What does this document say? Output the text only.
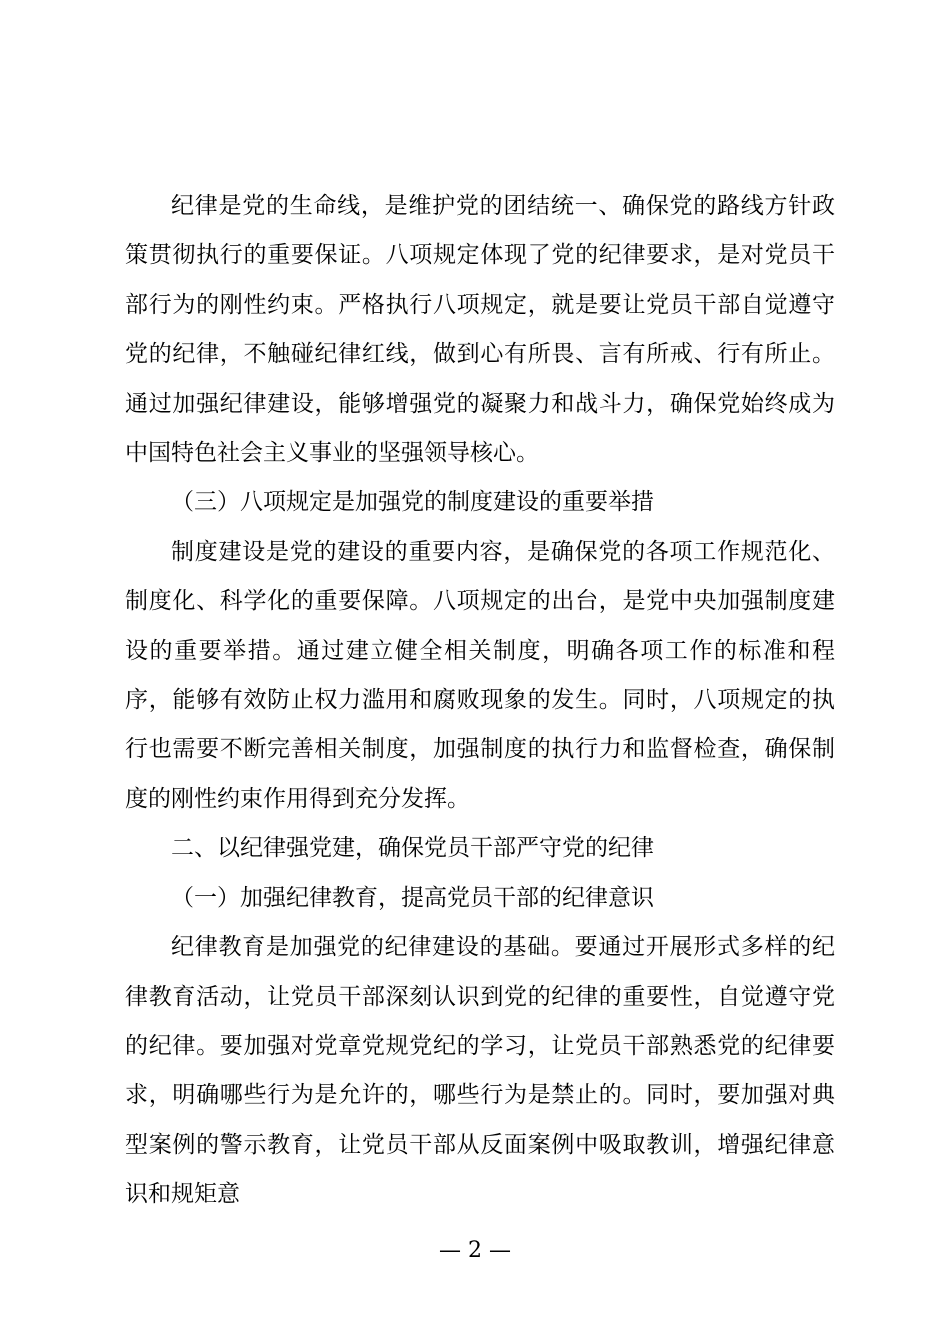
纪律是党的生命线，是维护党的团结统一、确保党的路线方针政策贯彻执行的重要保证。八项规定体现了党的纪律要求，是对党员干部行为的刚性约束。严格执行八项规定，就是要让党员干部自觉遵守党的纪律，不触碰纪律红线，做到心有所畏、言有所戒、行有所止。通过加强纪律建设，能够增强党的凝聚力和战斗力，确保党始终成为中国特色社会主义事业的坚强领导核心。

（三）八项规定是加强党的制度建设的重要举措

制度建设是党的建设的重要内容，是确保党的各项工作规范化、制度化、科学化的重要保障。八项规定的出台，是党中央加强制度建设的重要举措。通过建立健全相关制度，明确各项工作的标准和程序，能够有效防止权力滥用和腐败现象的发生。同时，八项规定的执行也需要不断完善相关制度，加强制度的执行力和监督检查，确保制度的刚性约束作用得到充分发挥。

二、以纪律强党建，确保党员干部严守党的纪律

（一）加强纪律教育，提高党员干部的纪律意识

纪律教育是加强党的纪律建设的基础。要通过开展形式多样的纪律教育活动，让党员干部深刻认识到党的纪律的重要性，自觉遵守党的纪律。要加强对党章党规党纪的学习，让党员干部熟悉党的纪律要求，明确哪些行为是允许的，哪些行为是禁止的。同时，要加强对典型案例的警示教育，让党员干部从反面案例中吸取教训，增强纪律意识和规矩意

— 2 —
